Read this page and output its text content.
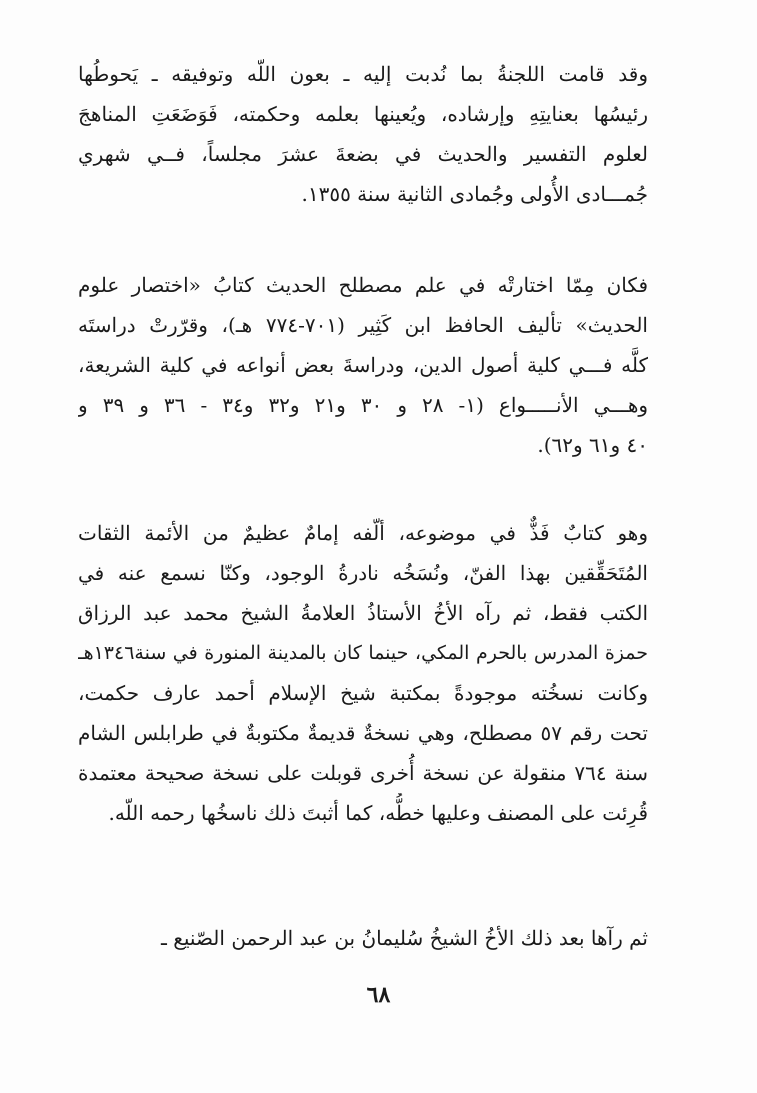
وقد قامت اللجنةُ بما نُدبت إليه ـ بعون اللّه وتوفيقه ـ يَحوطُها
رئيسُها بعنايتِهِ وإرشاده، ويُعينها بعلمه وحكمته، فَوَضَعَتِ المناهجَ
لعلوم التفسير والحديث في بضعةَ عشرَ مجلساً، فــي شهري
جُمـــادى الأُولى وجُمادى الثانية سنة ١٣٥٥.
فكان مِمّا اختارتْه في علم مصطلح الحديث كتابُ «اختصار علوم
الحديث» تأليف الحافظ ابن كَثِير (٧٠١-٧٧٤ هـ)، وقرّرتْ دراستَه
كلَّه فـــي كلية أصول الدين، ودراسةَ بعض أنواعه في كلية الشريعة،
وهـــي الأنـــــواع (١- ٢٨ و ٣٠ و٢١ و٣٢ و٣٤ - ٣٦ و ٣٩ و
٤٠ و٦١ و٦٢).
وهو كتابٌ فَذٌّ في موضوعه، ألّفه إمامٌ عظيمٌ من الأئمة الثقات
المُتَحَقِّقين بهذا الفنّ، ونُسَخُه نادرةُ الوجود، وكنّا نسمع عنه في
الكتب فقط، ثم رآه الأخُ الأستاذُ العلامةُ الشيخ محمد عبد الرزاق
حمزة المدرس بالحرم المكي، حينما كان بالمدينة المنورة في سنة١٣٤٦هـ
وكانت نسخُته موجودةً بمكتبة شيخ الإسلام أحمد عارف حكمت،
تحت رقم ٥٧ مصطلح، وهي نسخةٌ قديمةٌ مكتوبةٌ في طرابلس الشام
سنة ٧٦٤ منقولة عن نسخة أُخرى قوبلت على نسخة صحيحة معتمدة
قُرِئت على المصنف وعليها خطُّه، كما أثبتَ ذلك ناسخُها رحمه اللّه.
ثم رآها بعد ذلك الأخُ الشيخُ سُليمانُ بن عبد الرحمن الصّنيع ـ
٦٨
